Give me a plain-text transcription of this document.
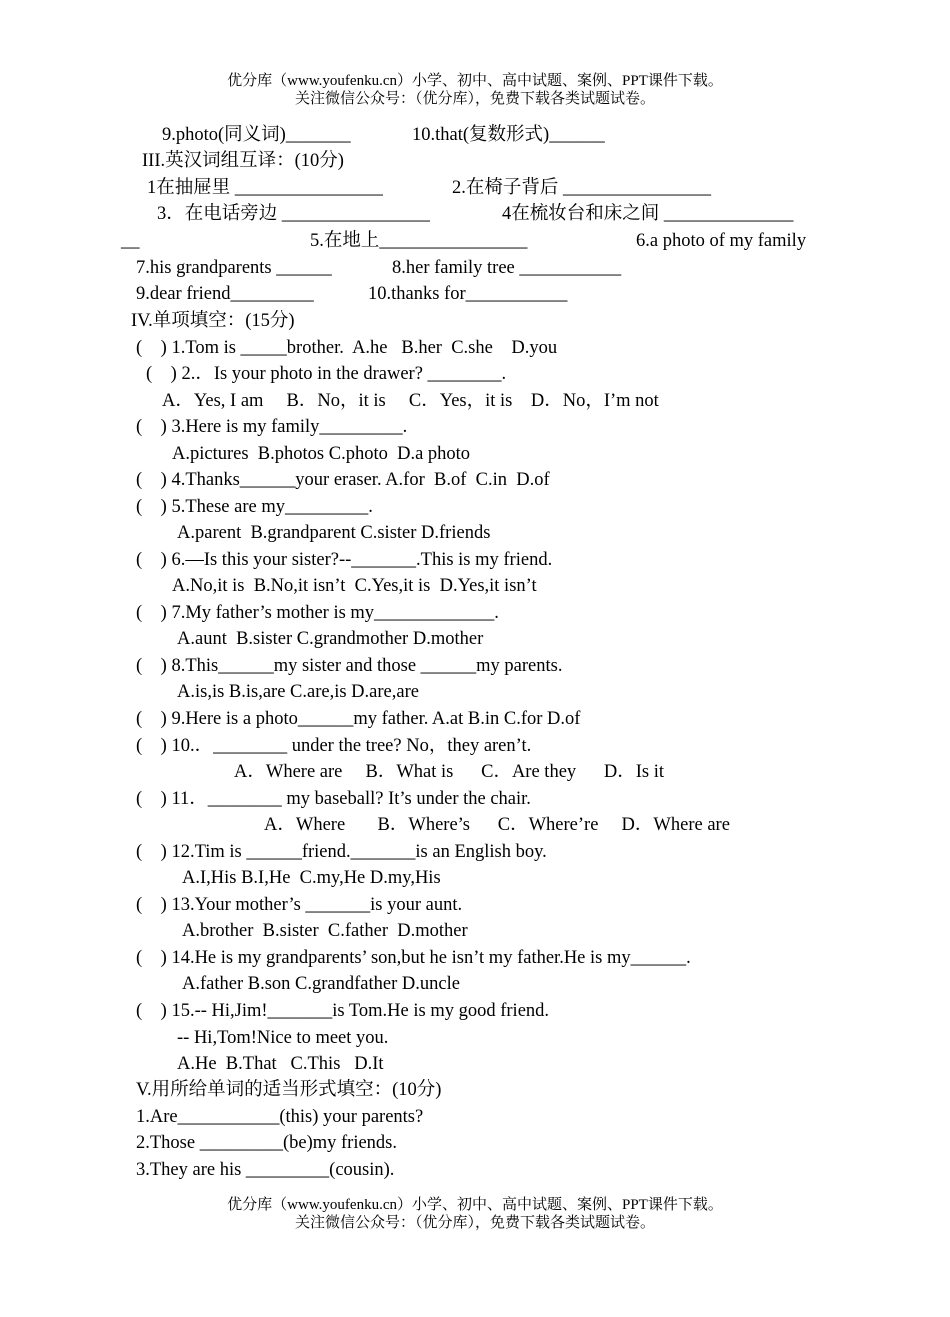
优分库（www.youfenku.cn）小学、初中、高中试题、案例、PPT课件下载。
关注微信公众号：（优分库），免费下载各类试题试卷。
9.photo(同义词)_______	10.that(复数形式)______
III.英汉词组互译：(10分)
1在抽屉里 ________________	2.在椅子背后 ________________
3．在电话旁边 ________________	4在梳妆台和床之间 ______________
__	5.在地上________________	6.a photo of my family
7.his grandparents ______	8.her family tree ___________
9.dear friend_________	10.thanks for___________
IV.单项填空：(15分)
(    ) 1.Tom is _____brother.  A.he   B.her  C.she    D.you
(    ) 2.．Is your photo in the drawer? ________.
A．Yes, I am     B．No，it is     C．Yes，it is    D．No，I’m not
(    ) 3.Here is my family_________.
A.pictures  B.photos C.photo  D.a photo
(    ) 4.Thanks______your eraser. A.for  B.of  C.in  D.of
(    ) 5.These are my_________.
A.parent  B.grandparent C.sister D.friends
(    ) 6.—Is this your sister?--_______.This is my friend.
A.No,it is  B.No,it isn’t  C.Yes,it is  D.Yes,it isn’t
(    ) 7.My father’s mother is my_____________.
A.aunt  B.sister C.grandmother D.mother
(    ) 8.This______my sister and those ______my parents.
A.is,is B.is,are C.are,is D.are,are
(    ) 9.Here is a photo______my father. A.at B.in C.for D.of
(    ) 10.．________ under the tree? No，they aren’t.
A．Where are     B．What is      C．Are they      D．Is it
(    ) 11．________ my baseball? It’s under the chair.
A．Where       B．Where’s      C．Where’re     D．Where are
(    ) 12.Tim is ______friend._______is an English boy.
A.I,His B.I,He  C.my,He D.my,His
(    ) 13.Your mother’s _______is your aunt.
A.brother  B.sister  C.father  D.mother
(    ) 14.He is my grandparents’ son,but he isn’t my father.He is my______.
A.father B.son C.grandfather D.uncle
(    ) 15.-- Hi,Jim!_______is Tom.He is my good friend.
-- Hi,Tom!Nice to meet you.
A.He  B.That   C.This   D.It
V.用所给单词的适当形式填空：(10分)
1.Are___________(this) your parents?
2.Those _________(be)my friends.
3.They are his _________(cousin).
优分库（www.youfenku.cn）小学、初中、高中试题、案例、PPT课件下载。
关注微信公众号：（优分库），免费下载各类试题试卷。
